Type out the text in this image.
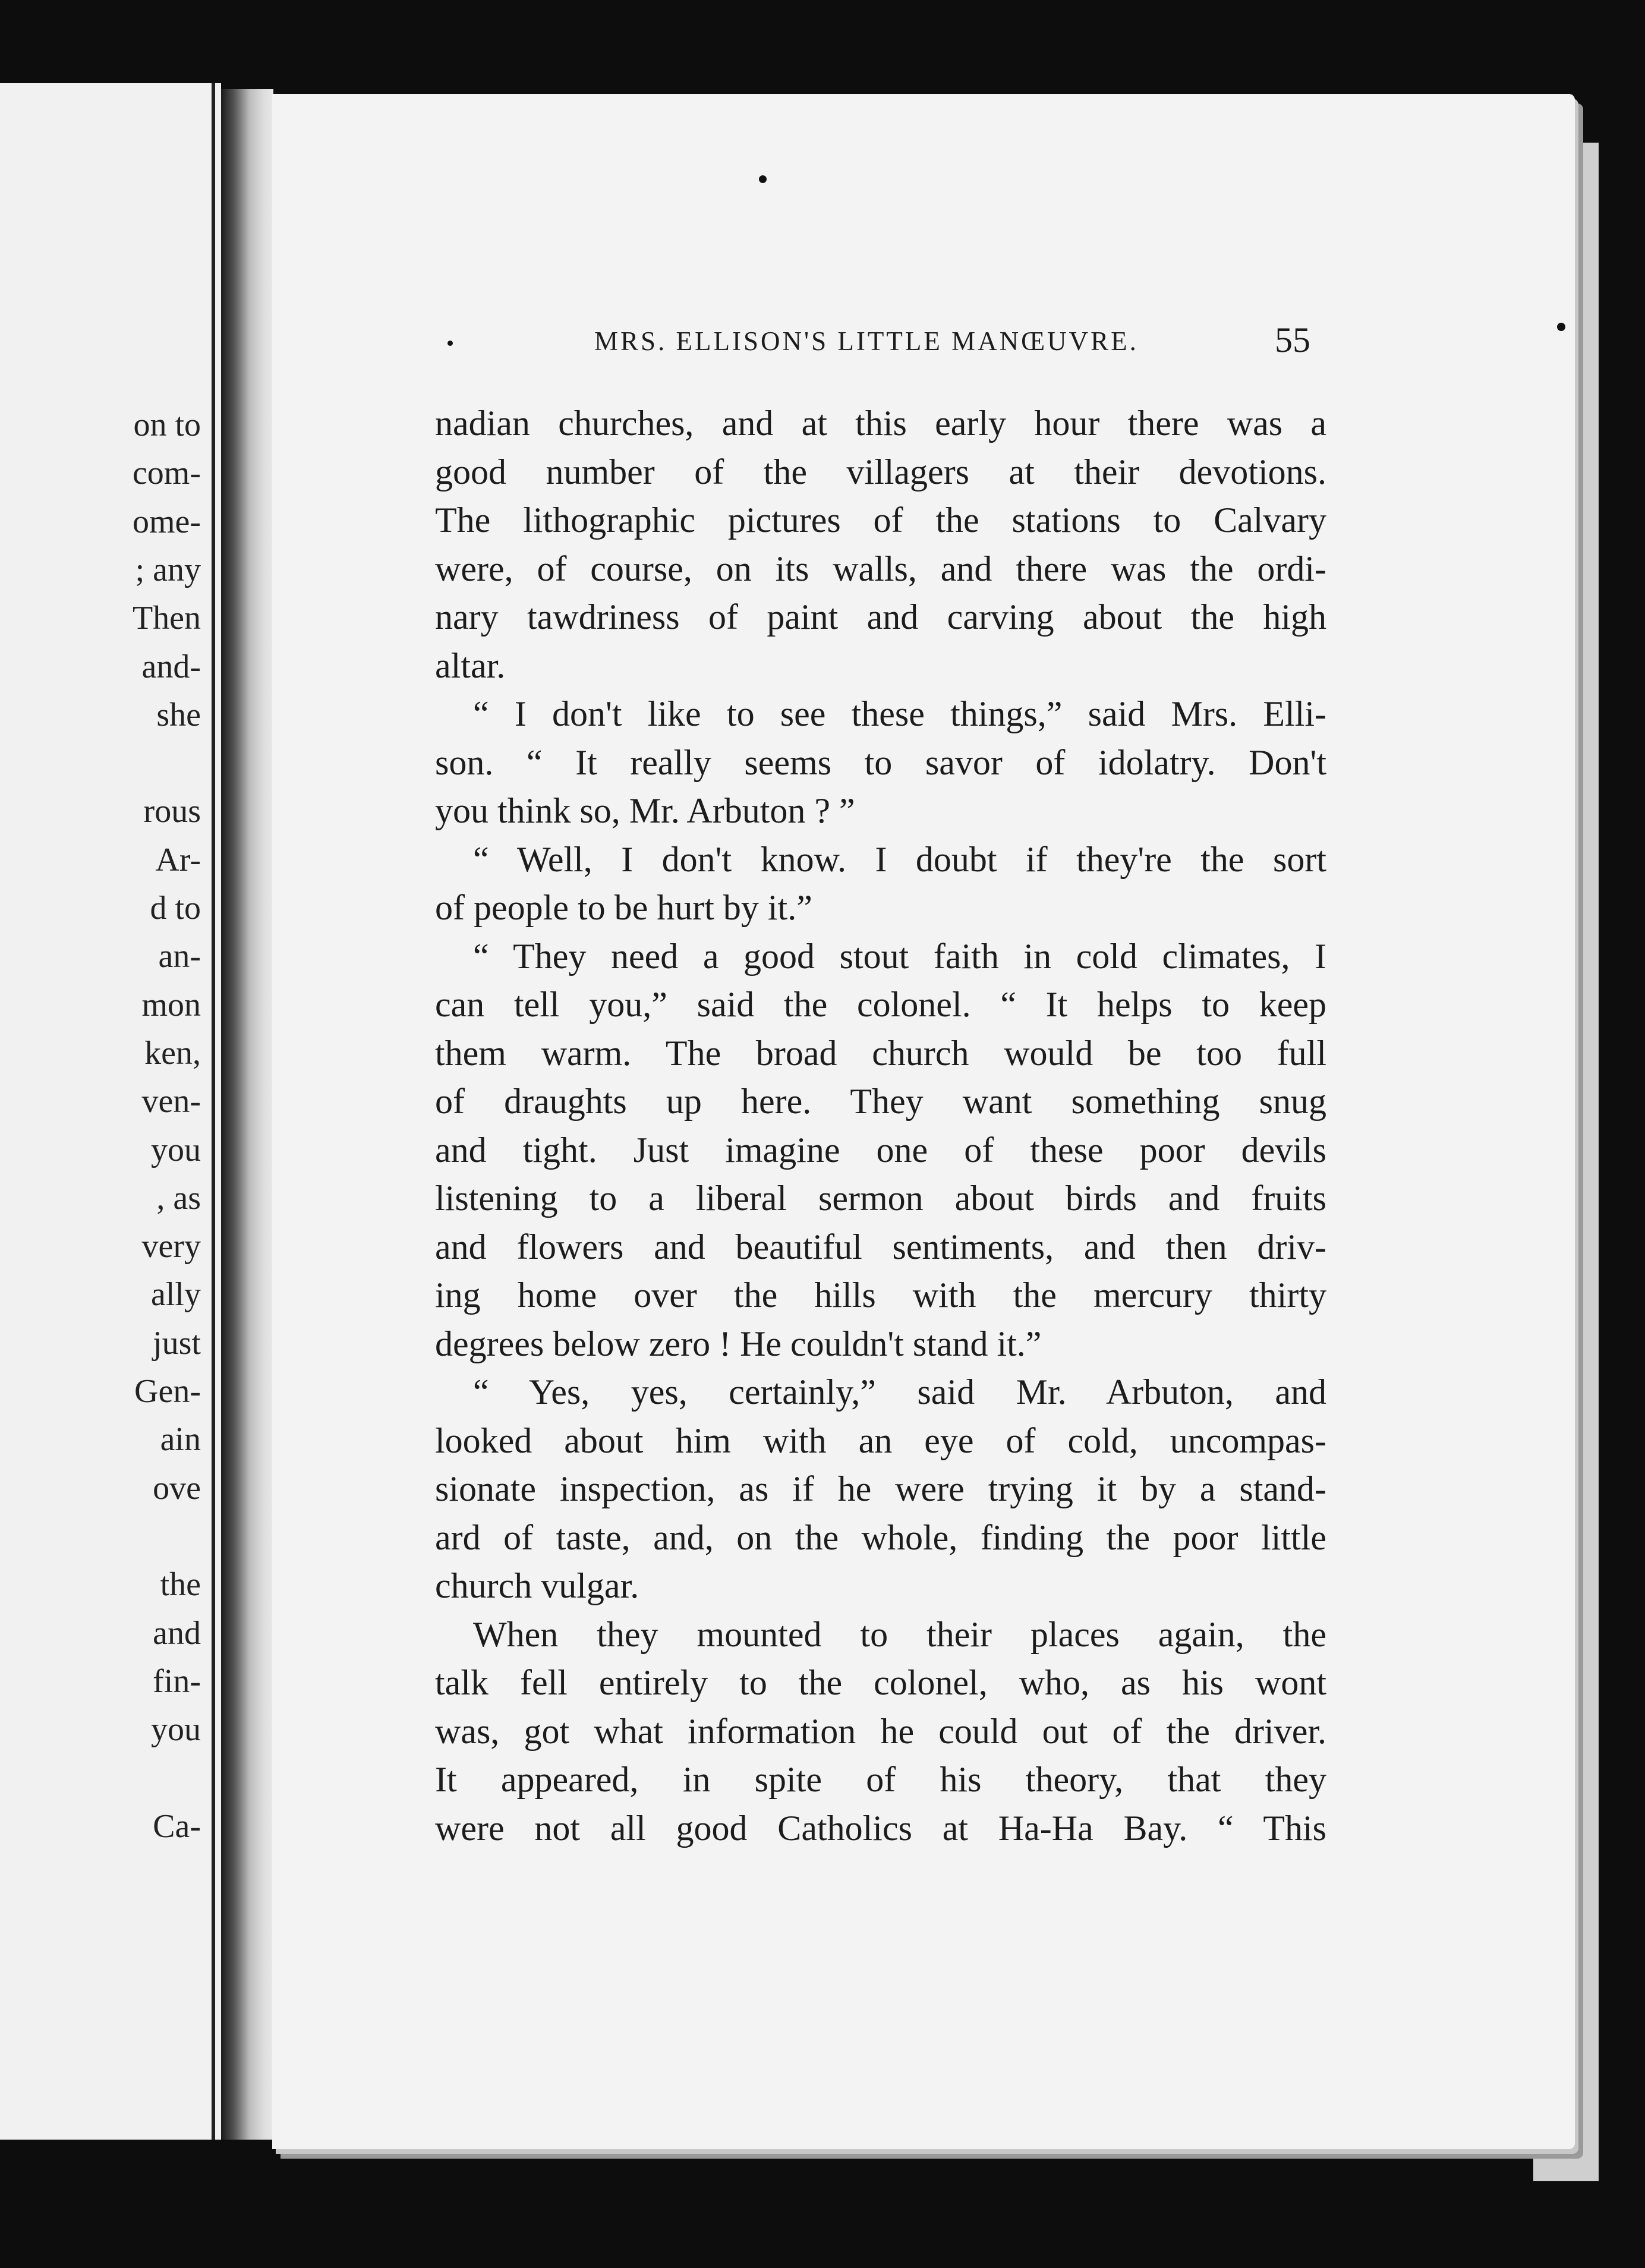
on to
com-
ome-
; any
Then
and-
she
rous
Ar-
d to
an-
mon
ken,
ven-
you
, as
very
ally
just
Gen-
ain
ove
the
and
fin-
you
Ca-
MRS. ELLISON'S LITTLE MANŒUVRE.	55
nadian churches, and at this early hour there was a
good number of the villagers at their devotions.
The lithographic pictures of the stations to Calvary
were, of course, on its walls, and there was the ordi-
nary tawdriness of paint and carving about the high
altar.
“ I don't like to see these things,” said Mrs. Elli-
son. “ It really seems to savor of idolatry. Don't
you think so, Mr. Arbuton ? ”
“ Well, I don't know. I doubt if they're the sort
of people to be hurt by it.”
“ They need a good stout faith in cold climates, I
can tell you,” said the colonel. “ It helps to keep
them warm. The broad church would be too full
of draughts up here. They want something snug
and tight. Just imagine one of these poor devils
listening to a liberal sermon about birds and fruits
and flowers and beautiful sentiments, and then driv-
ing home over the hills with the mercury thirty
degrees below zero ! He couldn't stand it.”
“ Yes, yes, certainly,” said Mr. Arbuton, and
looked about him with an eye of cold, uncompas-
sionate inspection, as if he were trying it by a stand-
ard of taste, and, on the whole, finding the poor little
church vulgar.
When they mounted to their places again, the
talk fell entirely to the colonel, who, as his wont
was, got what information he could out of the driver.
It appeared, in spite of his theory, that they
were not all good Catholics at Ha-Ha Bay. “ This
